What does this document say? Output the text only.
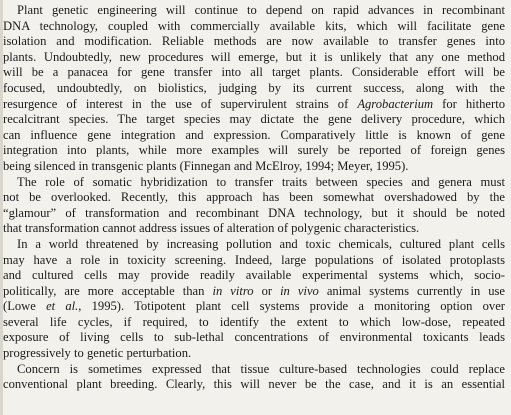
Plant genetic engineering will continue to depend on rapid advances in recombinant
DNA technology, coupled with commercially available kits, which will facilitate gene
isolation and modification. Reliable methods are now available to transfer genes into
plants. Undoubtedly, new procedures will emerge, but it is unlikely that any one method
will be a panacea for gene transfer into all target plants. Considerable effort will be
focused, undoubtedly, on biolistics, judging by its current success, along with the
resurgence of interest in the use of supervirulent strains of Agrobacterium for hitherto
recalcitrant species. The target species may dictate the gene delivery procedure, which
can influence gene integration and expression. Comparatively little is known of gene
integration into plants, while more examples will surely be reported of foreign genes
being silenced in transgenic plants (Finnegan and McElroy, 1994; Meyer, 1995).
The role of somatic hybridization to transfer traits between species and genera must
not be overlooked. Recently, this approach has been somewhat overshadowed by the
“glamour” of transformation and recombinant DNA technology, but it should be noted
that transformation cannot address issues of alteration of polygenic characteristics.
In a world threatened by increasing pollution and toxic chemicals, cultured plant cells
may have a role in toxicity screening. Indeed, large populations of isolated protoplasts
and cultured cells may provide readily available experimental systems which, socio-
politically, are more acceptable than in vitro or in vivo animal systems currently in use
(Lowe et al., 1995). Totipotent plant cell systems provide a monitoring option over
several life cycles, if required, to identify the extent to which low-dose, repeated
exposure of living cells to sub-lethal concentrations of environmental toxicants leads
progressively to genetic perturbation.
Concern is sometimes expressed that tissue culture-based technologies could replace
conventional plant breeding. Clearly, this will never be the case, and it is an essential
